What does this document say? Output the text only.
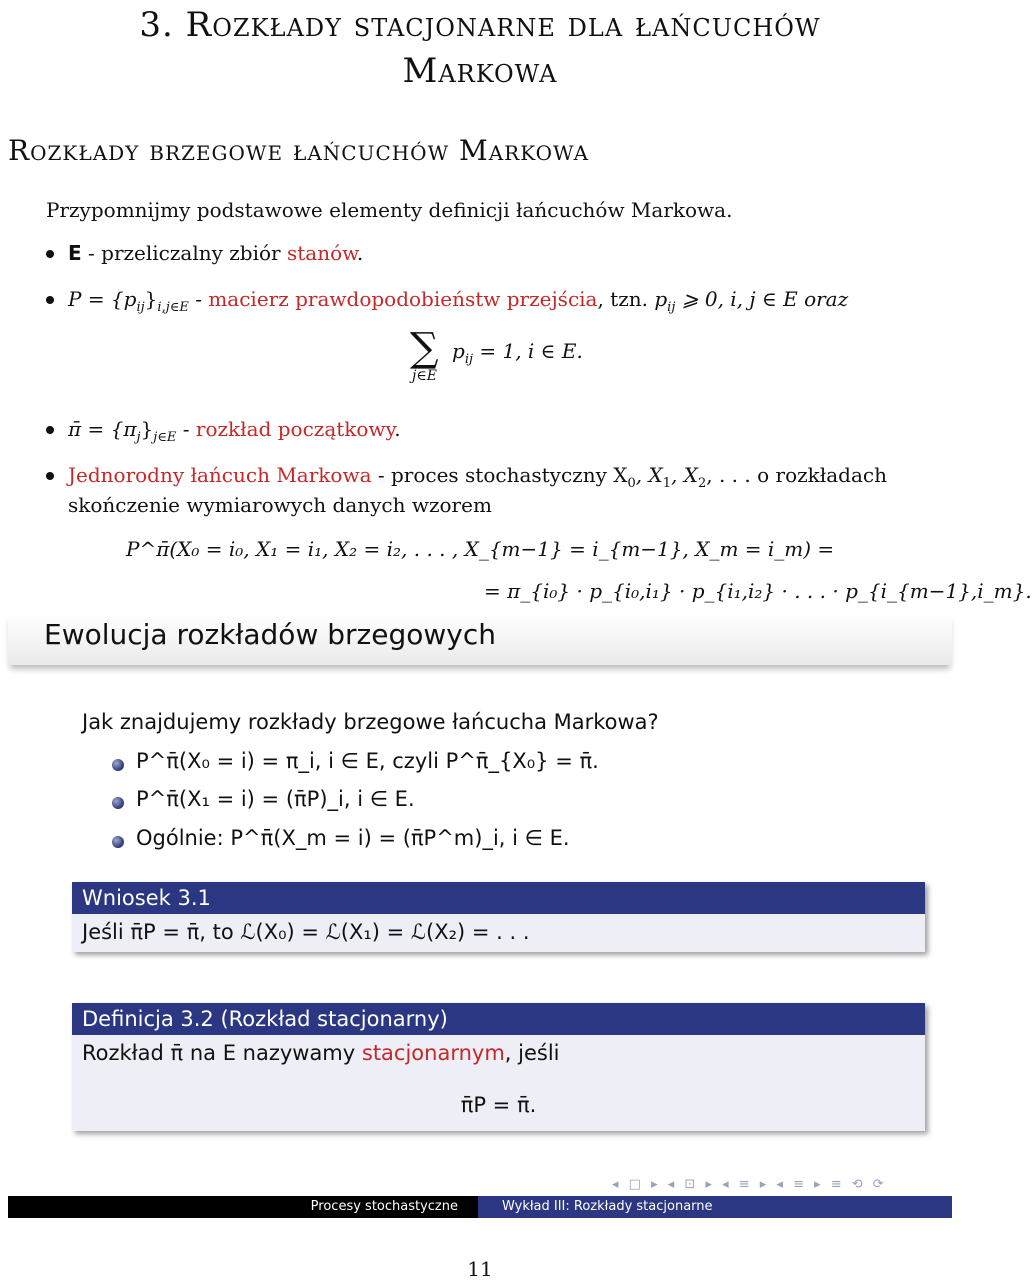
3. Rozkłady stacjonarne dla łańcuchów
Markowa
Rozkłady brzegowe łańcuchów Markowa
Przypomnijmy podstawowe elementy definicji łańcuchów Markowa.
E - przeliczalny zbiór stanów.
$P = \{p_{ij}\}_{i,j\in E}$ - macierz prawdopodobieństw przejścia, tzn. $p_{ij}$ ⩾ 0, i, j ∈ E oraz
∑
j∈E
$p_{ij} = 1$, i ∈ E.
π̄ = $\{\pi_j\}_{j\in E}$ - rozkład początkowy.
Jednorodny łańcuch Markowa - proces stochastyczny $X_0$, $X_1$, $X_2$, . . . o rozkładach
skończenie wymiarowych danych wzorem
P^π̄(X₀ = i₀, X₁ = i₁, X₂ = i₂, . . . , X_{m−1} = i_{m−1}, X_m = i_m) =
= π_{i₀} · p_{i₀,i₁} · p_{i₁,i₂} · . . . · p_{i_{m−1},i_m}.
Ewolucja rozkładów brzegowych
Jak znajdujemy rozkłady brzegowe łańcucha Markowa?
P^π̄(X₀ = i) = π_i, i ∈ E, czyli P^π̄_{X₀} = π̄.
P^π̄(X₁ = i) = (π̄P)_i, i ∈ E.
Ogólnie: P^π̄(X_m = i) = (π̄P^m)_i, i ∈ E.
Wniosek 3.1
Jeśli π̄P = π̄, to ℒ(X₀) = ℒ(X₁) = ℒ(X₂) = . . .
Definicja 3.2 (Rozkład stacjonarny)
Rozkład π̄ na E nazywamy stacjonarnym, jeśli
π̄P = π̄.
◂ □ ▸ ◂ ⊡ ▸ ◂ ≡ ▸ ◂ ≡ ▸ ≡ ⟲ ⟳
Procesy stochastyczne	Wykład III: Rozkłady stacjonarne
11
